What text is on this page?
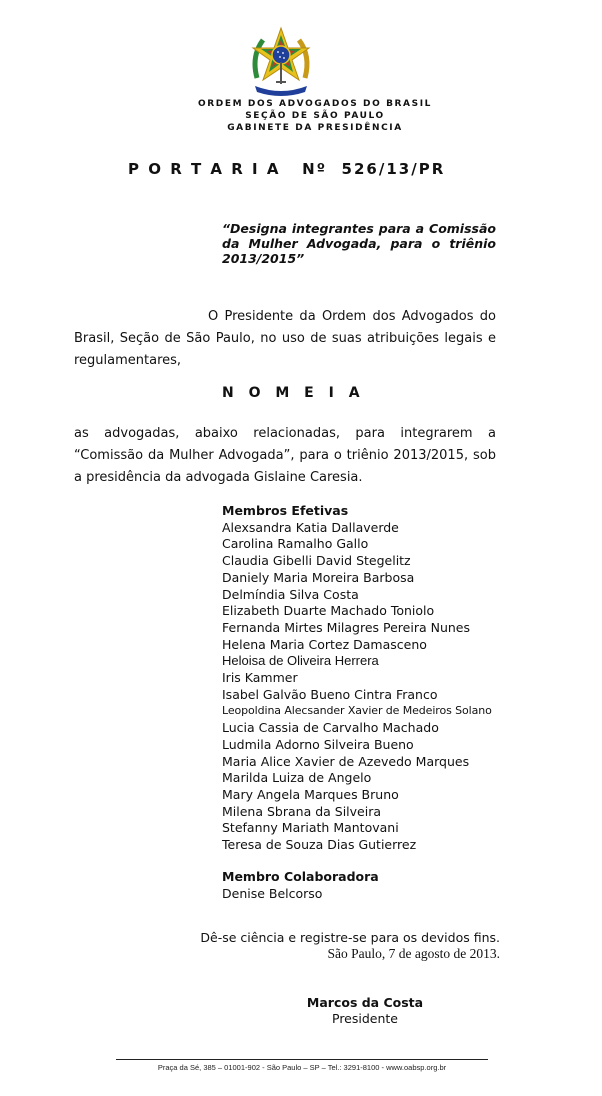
ORDEM DOS ADVOGADOS DO BRASIL
SEÇÃO DE SÃO PAULO
GABINETE DA PRESIDÊNCIA
P O R T A R I A   Nº  526/13/PR
“Designa integrantes para a Comissão da Mulher Advogada, para o triênio 2013/2015”
O Presidente da Ordem dos Advogados do Brasil, Seção de São Paulo, no uso de suas atribuições legais e regulamentares,
N O M E I A
as advogadas, abaixo relacionadas, para integrarem a “Comissão da Mulher Advogada”, para o triênio 2013/2015, sob a presidência da advogada Gislaine Caresia.
Membros Efetivas
Alexsandra Katia Dallaverde
Carolina Ramalho Gallo
Claudia Gibelli David Stegelitz
Daniely Maria Moreira Barbosa
Delmíndia Silva Costa
Elizabeth Duarte Machado Toniolo
Fernanda Mirtes Milagres Pereira Nunes
Helena Maria Cortez Damasceno
Heloisa de Oliveira Herrera
Iris Kammer
Isabel Galvão Bueno Cintra Franco
Leopoldina Alecsander Xavier de Medeiros Solano
Lucia Cassia de Carvalho Machado
Ludmila Adorno Silveira Bueno
Maria Alice Xavier de Azevedo Marques
Marilda Luiza de Angelo
Mary Angela Marques Bruno
Milena Sbrana da Silveira
Stefanny Mariath Mantovani
Teresa de Souza Dias Gutierrez
Membro Colaboradora
Denise Belcorso
Dê-se ciência e registre-se para os devidos fins.
São Paulo, 7 de agosto de 2013.
Marcos da Costa
Presidente
Praça da Sé, 385 – 01001-902 - São Paulo – SP – Tel.: 3291-8100 - www.oabsp.org.br
